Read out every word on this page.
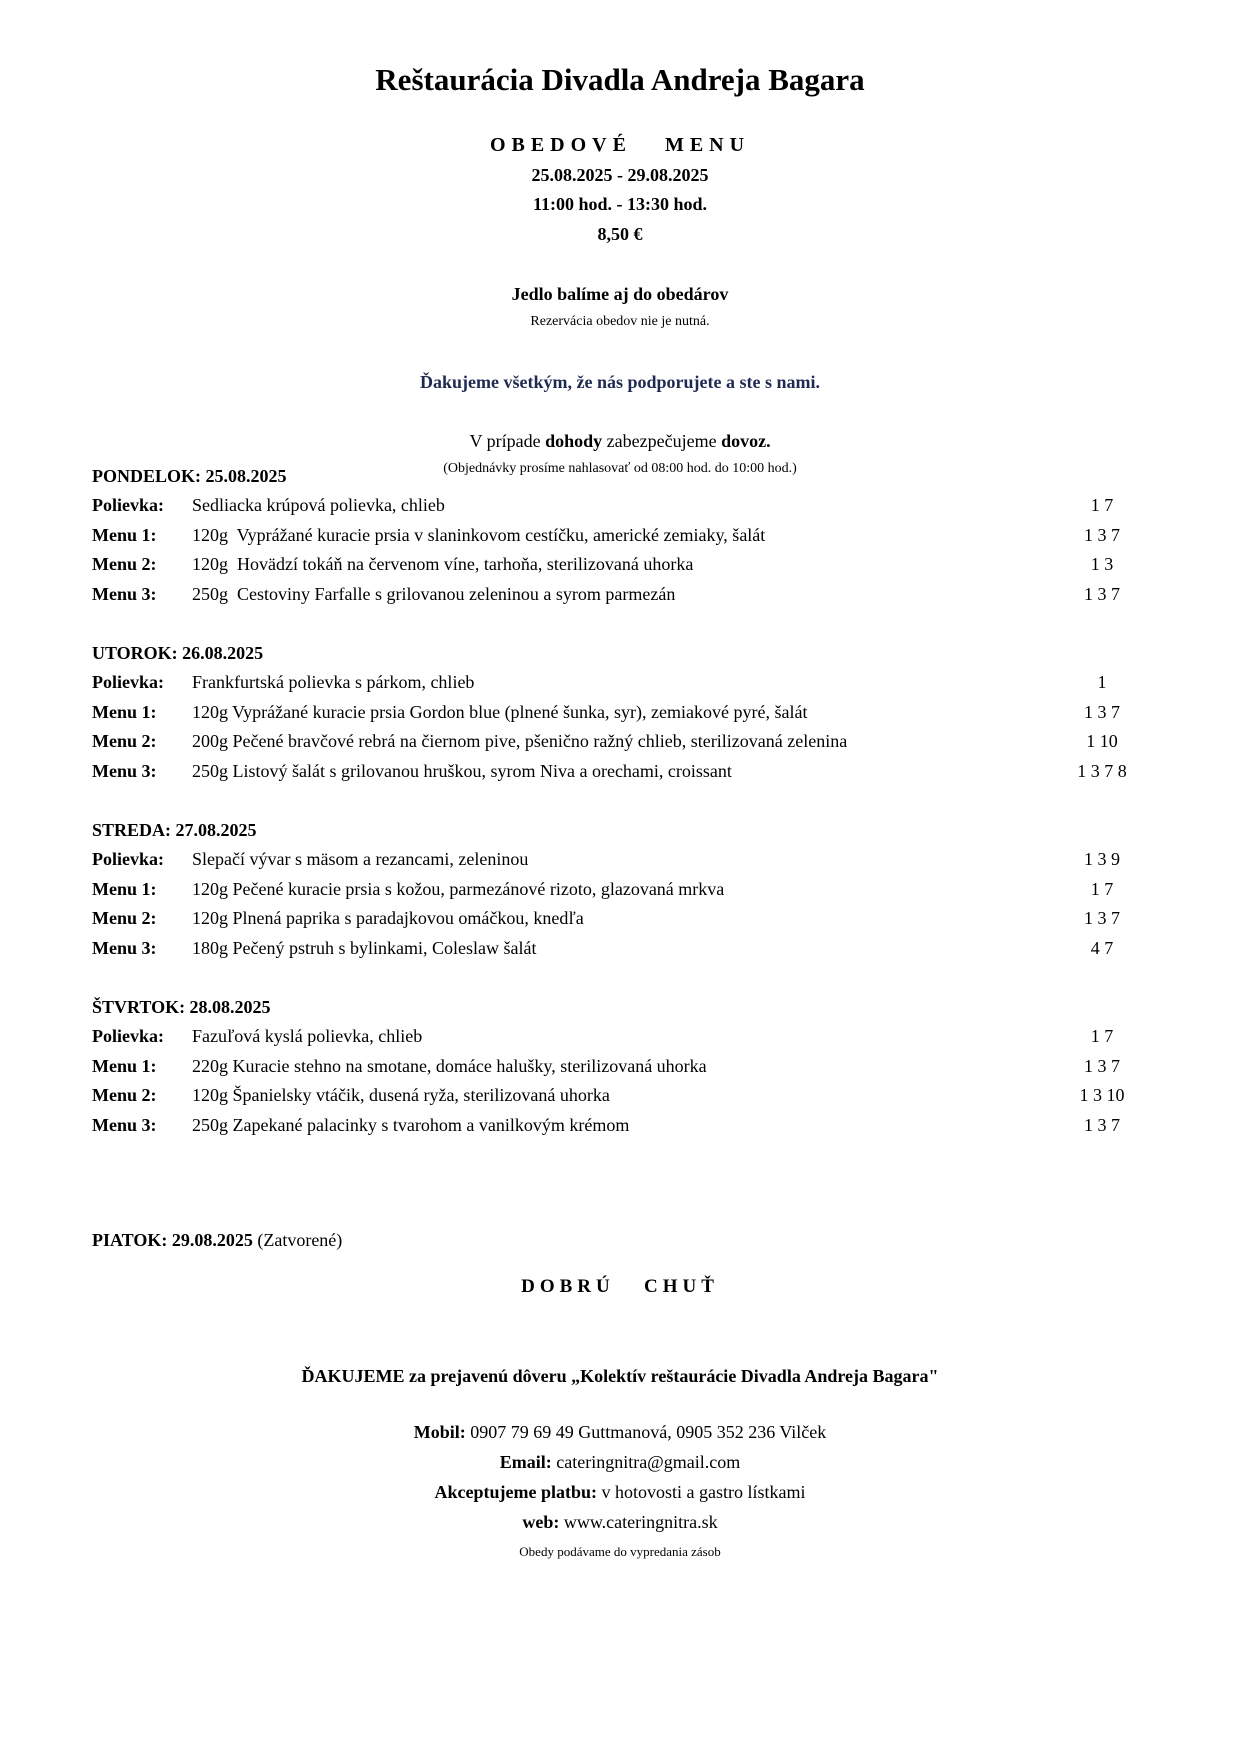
Reštaurácia Divadla Andreja Bagara
OBEDOVÉ   MENU
25.08.2025 - 29.08.2025
11:00 hod. - 13:30 hod.
8,50 €
Jedlo balíme aj do obedárov
Rezervácia obedov nie je nutná.
Ďakujeme všetkým, že nás podporujete a ste s nami.
V prípade dohody zabezpečujeme dovoz.
(Objednávky prosíme nahlasovať od 08:00 hod. do 10:00 hod.)
PONDELOK: 25.08.2025
Polievka: Sedliacka krúpová polievka, chlieb	1 7
Menu 1: 120g  Vyprážané kuracie prsia v slaninkovom cestíčku, americké zemiaky, šalát	1 3 7
Menu 2: 120g  Hovädzí tokáň na červenom víne, tarhoňa, sterilizovaná uhorka	1 3
Menu 3: 250g  Cestoviny Farfalle s grilovanou zeleninou a syrom parmezán	1 3 7
UTOROK: 26.08.2025
Polievka: Frankfurtská polievka s párkom, chlieb	1
Menu 1: 120g Vyprážané kuracie prsia Gordon blue (plnené šunka, syr), zemiakové pyré, šalát	1 3 7
Menu 2: 200g Pečené bravčové rebrá na čiernom pive, pšenično ražný chlieb, sterilizovaná zelenina	1 10
Menu 3: 250g Listový šalát s grilovanou hruškou, syrom Niva a orechami, croissant	1 3 7 8
STREDA: 27.08.2025
Polievka: Slepačí vývar s mäsom a rezancami, zeleninou	1 3 9
Menu 1: 120g Pečené kuracie prsia s kožou, parmezánové rizoto, glazovaná mrkva	1 7
Menu 2: 120g Plnená paprika s paradajkovou omáčkou, knedľa	1 3 7
Menu 3: 180g Pečený pstruh s bylinkami, Coleslaw šalát	4 7
ŠTVRTOK: 28.08.2025
Polievka: Fazuľová kyslá polievka, chlieb	1 7
Menu 1: 220g Kuracie stehno na smotane, domáce halušky, sterilizovaná uhorka	1 3 7
Menu 2: 120g Španielsky vtáčik, dusená ryža, sterilizovaná uhorka	1 3 10
Menu 3: 250g Zapekané palacinky s tvarohom a vanilkovým krémom	1 3 7
PIATOK: 29.08.2025 (Zatvorené)
DOBRÚ   CHUŤ
ĎAKUJEME za prejavenú dôveru „Kolektív reštaurácie Divadla Andreja Bagara"
Mobil: 0907 79 69 49 Guttmanová, 0905 352 236 Vilček
Email: cateringnitra@gmail.com
Akceptujeme platbu: v hotovosti a gastro lístkami
web: www.cateringnitra.sk
Obedy podávame do vypredania zásob
